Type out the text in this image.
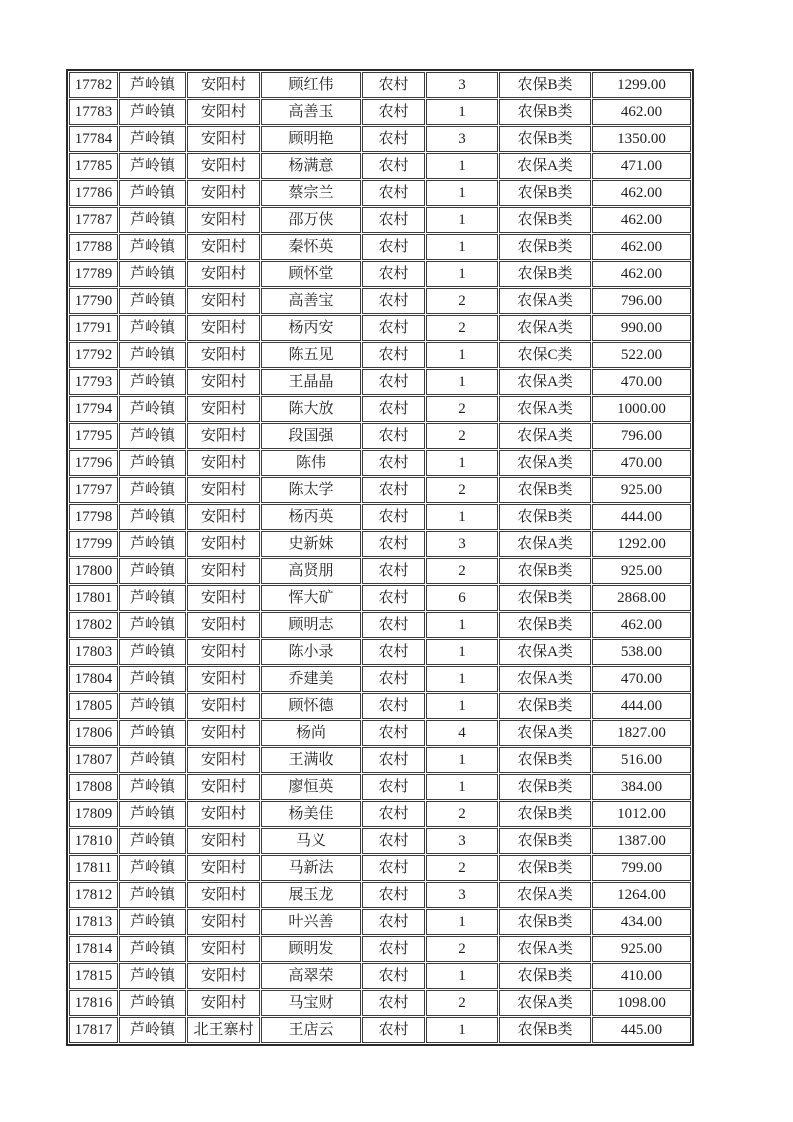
17782	芦岭镇	安阳村	顾红伟	农村	3	农保B类	1299.00
17783	芦岭镇	安阳村	高善玉	农村	1	农保B类	462.00
17784	芦岭镇	安阳村	顾明艳	农村	3	农保B类	1350.00
17785	芦岭镇	安阳村	杨满意	农村	1	农保A类	471.00
17786	芦岭镇	安阳村	蔡宗兰	农村	1	农保B类	462.00
17787	芦岭镇	安阳村	邵万侠	农村	1	农保B类	462.00
17788	芦岭镇	安阳村	秦怀英	农村	1	农保B类	462.00
17789	芦岭镇	安阳村	顾怀堂	农村	1	农保B类	462.00
17790	芦岭镇	安阳村	高善宝	农村	2	农保A类	796.00
17791	芦岭镇	安阳村	杨丙安	农村	2	农保A类	990.00
17792	芦岭镇	安阳村	陈五见	农村	1	农保C类	522.00
17793	芦岭镇	安阳村	王晶晶	农村	1	农保A类	470.00
17794	芦岭镇	安阳村	陈大放	农村	2	农保A类	1000.00
17795	芦岭镇	安阳村	段国强	农村	2	农保A类	796.00
17796	芦岭镇	安阳村	陈伟	农村	1	农保A类	470.00
17797	芦岭镇	安阳村	陈太学	农村	2	农保B类	925.00
17798	芦岭镇	安阳村	杨丙英	农村	1	农保B类	444.00
17799	芦岭镇	安阳村	史新妹	农村	3	农保A类	1292.00
17800	芦岭镇	安阳村	高贤朋	农村	2	农保B类	925.00
17801	芦岭镇	安阳村	恽大矿	农村	6	农保B类	2868.00
17802	芦岭镇	安阳村	顾明志	农村	1	农保B类	462.00
17803	芦岭镇	安阳村	陈小录	农村	1	农保A类	538.00
17804	芦岭镇	安阳村	乔建美	农村	1	农保A类	470.00
17805	芦岭镇	安阳村	顾怀德	农村	1	农保B类	444.00
17806	芦岭镇	安阳村	杨尚	农村	4	农保A类	1827.00
17807	芦岭镇	安阳村	王满收	农村	1	农保B类	516.00
17808	芦岭镇	安阳村	廖恒英	农村	1	农保B类	384.00
17809	芦岭镇	安阳村	杨美佳	农村	2	农保B类	1012.00
17810	芦岭镇	安阳村	马义	农村	3	农保B类	1387.00
17811	芦岭镇	安阳村	马新法	农村	2	农保B类	799.00
17812	芦岭镇	安阳村	展玉龙	农村	3	农保A类	1264.00
17813	芦岭镇	安阳村	叶兴善	农村	1	农保B类	434.00
17814	芦岭镇	安阳村	顾明发	农村	2	农保A类	925.00
17815	芦岭镇	安阳村	高翠荣	农村	1	农保B类	410.00
17816	芦岭镇	安阳村	马宝财	农村	2	农保A类	1098.00
17817	芦岭镇	北王寨村	王店云	农村	1	农保B类	445.00
